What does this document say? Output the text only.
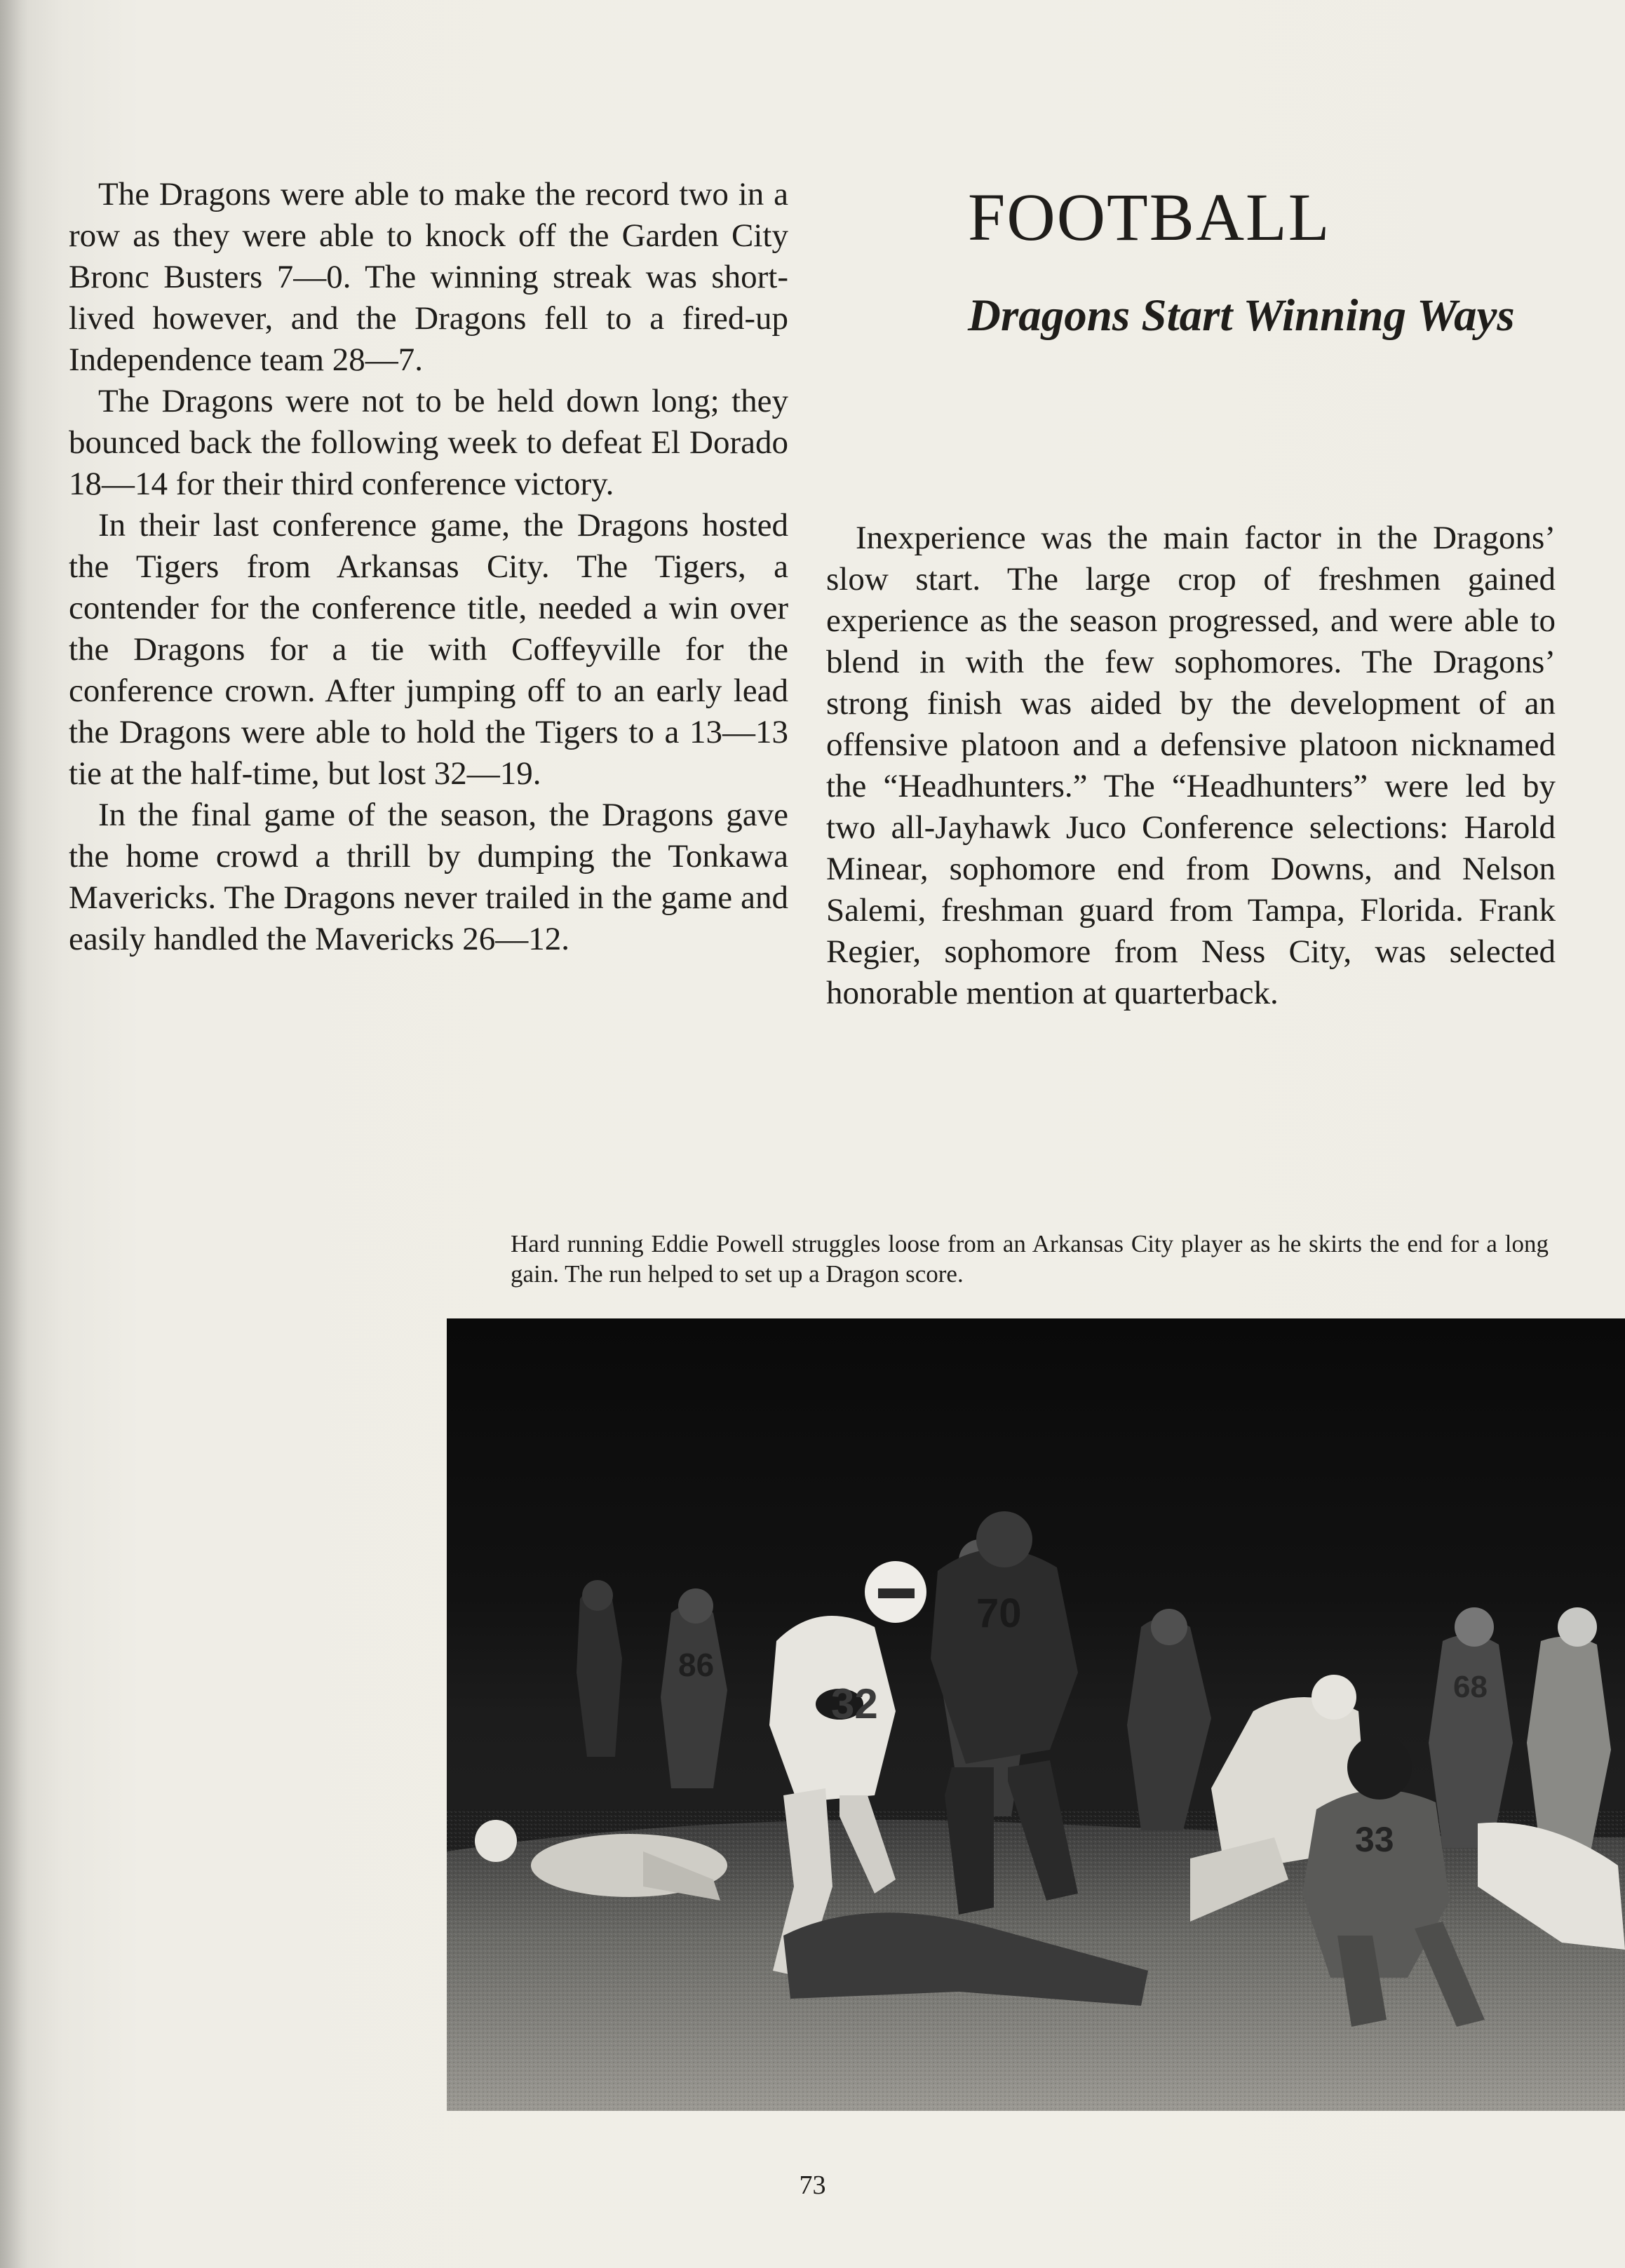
The Dragons were able to make the record two in a row as they were able to knock off the Garden City Bronc Busters 7—0. The winning streak was short-lived however, and the Dragons fell to a fired-up Independence team 28—7.

The Dragons were not to be held down long; they bounced back the following week to defeat El Dorado 18—14 for their third conference victory.

In their last conference game, the Dragons hosted the Tigers from Arkansas City. The Tigers, a contender for the conference title, needed a win over the Dragons for a tie with Coffeyville for the conference crown. After jumping off to an early lead the Dragons were able to hold the Tigers to a 13—13 tie at the half-time, but lost 32—19.

In the final game of the season, the Dragons gave the home crowd a thrill by dumping the Tonkawa Mavericks. The Dragons never trailed in the game and easily handled the Mavericks 26—12.

FOOTBALL
Dragons Start Winning Ways

Inexperience was the main factor in the Dragons’ slow start. The large crop of freshmen gained experience as the season progressed, and were able to blend in with the few sophomores. The Dragons’ strong finish was aided by the development of an offensive platoon and a defensive platoon nicknamed the “Headhunters.” The “Headhunters” were led by two all-Jayhawk Juco Conference selections: Harold Minear, sophomore end from Downs, and Nelson Salemi, freshman guard from Tampa, Florida. Frank Regier, sophomore from Ness City, was selected honorable mention at quarterback.

Hard running Eddie Powell struggles loose from an Arkansas City player as he skirts the end for a long gain. The run helped to set up a Dragon score.
32
70
86
68
33
73
